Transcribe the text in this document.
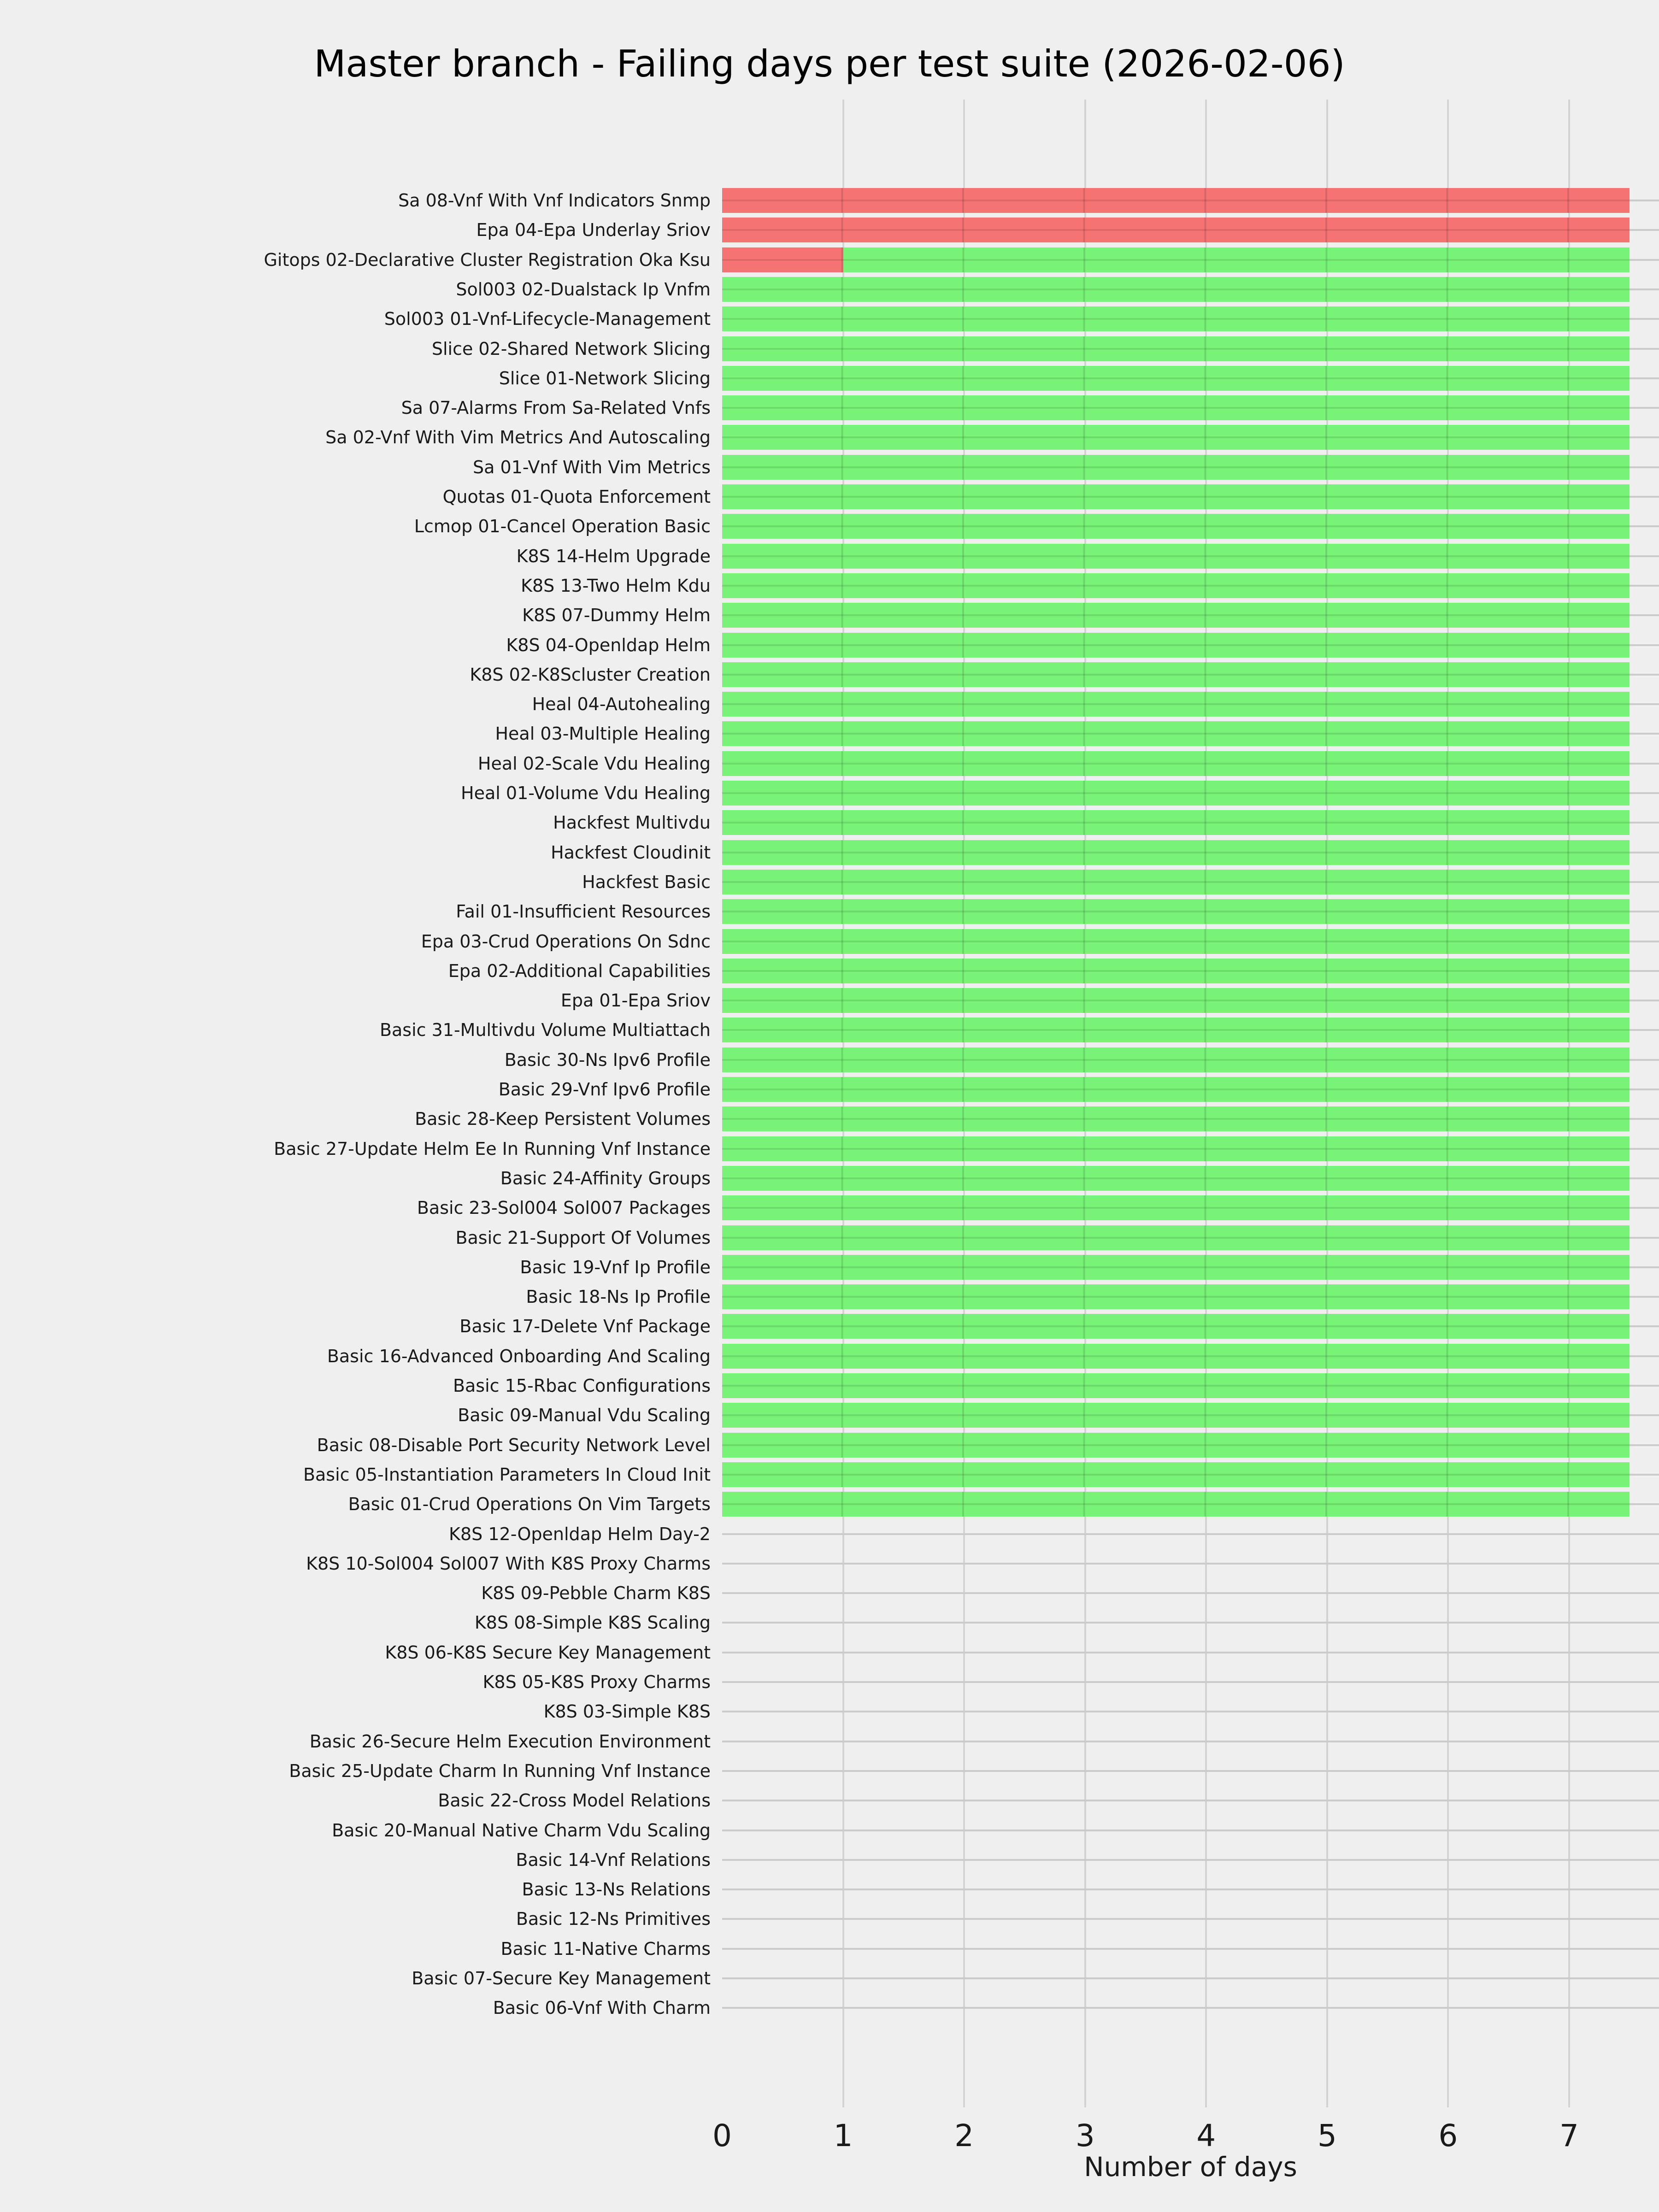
Master branch - Failing days per test suite (2026-02-06)
Sa 08-Vnf With Vnf Indicators Snmp
Epa 04-Epa Underlay Sriov
Gitops 02-Declarative Cluster Registration Oka Ksu
Sol003 02-Dualstack Ip Vnfm
Sol003 01-Vnf-Lifecycle-Management
Slice 02-Shared Network Slicing
Slice 01-Network Slicing
Sa 07-Alarms From Sa-Related Vnfs
Sa 02-Vnf With Vim Metrics And Autoscaling
Sa 01-Vnf With Vim Metrics
Quotas 01-Quota Enforcement
Lcmop 01-Cancel Operation Basic
K8S 14-Helm Upgrade
K8S 13-Two Helm Kdu
K8S 07-Dummy Helm
K8S 04-Openldap Helm
K8S 02-K8Scluster Creation
Heal 04-Autohealing
Heal 03-Multiple Healing
Heal 02-Scale Vdu Healing
Heal 01-Volume Vdu Healing
Hackfest Multivdu
Hackfest Cloudinit
Hackfest Basic
Fail 01-Insufficient Resources
Epa 03-Crud Operations On Sdnc
Epa 02-Additional Capabilities
Epa 01-Epa Sriov
Basic 31-Multivdu Volume Multiattach
Basic 30-Ns Ipv6 Profile
Basic 29-Vnf Ipv6 Profile
Basic 28-Keep Persistent Volumes
Basic 27-Update Helm Ee In Running Vnf Instance
Basic 24-Affinity Groups
Basic 23-Sol004 Sol007 Packages
Basic 21-Support Of Volumes
Basic 19-Vnf Ip Profile
Basic 18-Ns Ip Profile
Basic 17-Delete Vnf Package
Basic 16-Advanced Onboarding And Scaling
Basic 15-Rbac Configurations
Basic 09-Manual Vdu Scaling
Basic 08-Disable Port Security Network Level
Basic 05-Instantiation Parameters In Cloud Init
Basic 01-Crud Operations On Vim Targets
K8S 12-Openldap Helm Day-2
K8S 10-Sol004 Sol007 With K8S Proxy Charms
K8S 09-Pebble Charm K8S
K8S 08-Simple K8S Scaling
K8S 06-K8S Secure Key Management
K8S 05-K8S Proxy Charms
K8S 03-Simple K8S
Basic 26-Secure Helm Execution Environment
Basic 25-Update Charm In Running Vnf Instance
Basic 22-Cross Model Relations
Basic 20-Manual Native Charm Vdu Scaling
Basic 14-Vnf Relations
Basic 13-Ns Relations
Basic 12-Ns Primitives
Basic 11-Native Charms
Basic 07-Secure Key Management
Basic 06-Vnf With Charm
0	1	2	3	4	5	6	7
Number of days
